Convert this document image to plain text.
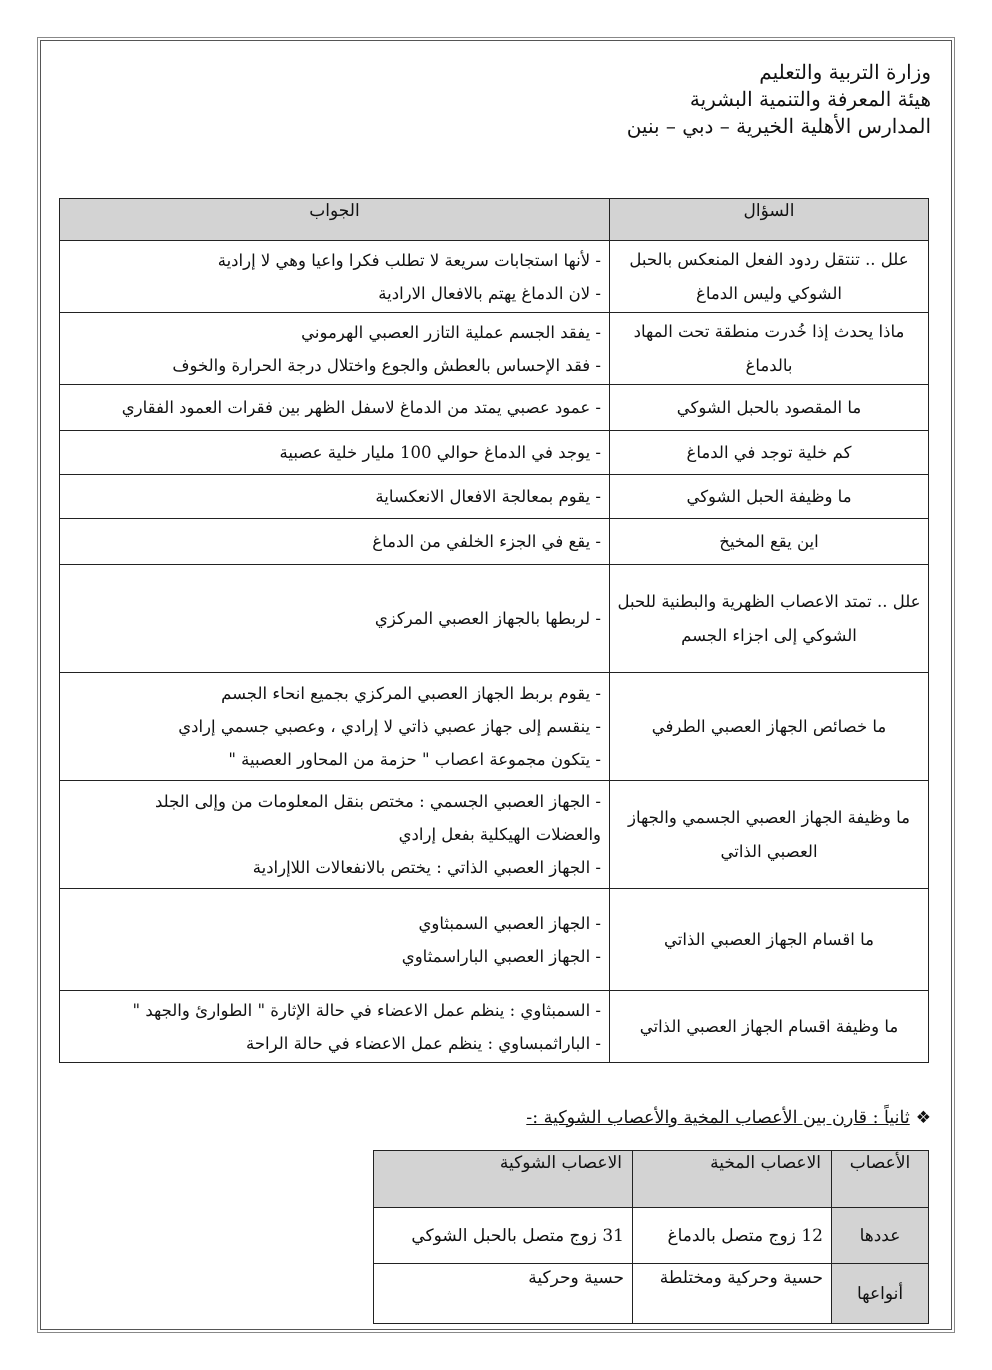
وزارة التربية والتعليم
هيئة المعرفة والتنمية البشرية
المدارس الأهلية الخيرية – دبي – بنين
السؤال	الجواب
علل .. تنتقل ردود الفعل المنعكس بالحبل الشوكي وليس الدماغ	- لأنها استجابات سريعة لا تطلب فكرا واعيا وهي لا إرادية
- لان الدماغ يهتم بالافعال الارادية

ماذا يحدث إذا خُدرت منطقة تحت المهاد بالدماغ	- يفقد الجسم عملية التازر العصبي الهرموني
- فقد الإحساس بالعطش والجوع واختلال درجة الحرارة والخوف

ما المقصود بالحبل الشوكي	- عمود عصبي يمتد من الدماغ لاسفل الظهر بين فقرات العمود الفقاري

كم خلية توجد في الدماغ	- يوجد في الدماغ حوالي 100 مليار خلية عصبية

ما وظيفة الحبل الشوكي	- يقوم بمعالجة الافعال الانعكساية

اين يقع المخيخ	- يقع في الجزء الخلفي من الدماغ

علل .. تمتد الاعصاب الظهرية والبطنية للحبل الشوكي إلى اجزاء الجسم	- لربطها بالجهاز العصبي المركزي

ما خصائص الجهاز العصبي الطرفي	- يقوم بربط الجهاز العصبي المركزي بجميع انحاء الجسم
- ينقسم إلى جهاز عصبي ذاتي لا إرادي ، وعصبي جسمي إرادي
- يتكون مجموعة اعصاب " حزمة من المحاور العصبية "

ما وظيفة الجهاز العصبي الجسمي والجهاز العصبي الذاتي	- الجهاز العصبي الجسمي : مختص بنقل المعلومات من وإلى الجلد
والعضلات الهيكلية بفعل إرادي
- الجهاز العصبي الذاتي : يختص بالانفعالات اللاإرادية

ما اقسام الجهاز العصبي الذاتي	- الجهاز العصبي السمبثاوي
- الجهاز العصبي الباراسمثاوي

ما وظيفة اقسام الجهاز العصبي الذاتي	- السمبثاوي : ينظم عمل الاعضاء في حالة الإثارة " الطوارئ والجهد "
- الباراثمبساوي : ينظم عمل الاعضاء في حالة الراحة
❖ثانياً : قارن بين الأعصاب المخية والأعصاب الشوكية :-
الأعصاب	الاعصاب المخية	الاعصاب الشوكية
عددها	12 زوج متصل بالدماغ	31 زوج متصل بالحبل الشوكي
أنواعها	حسية وحركية ومختلطة	حسية وحركية
